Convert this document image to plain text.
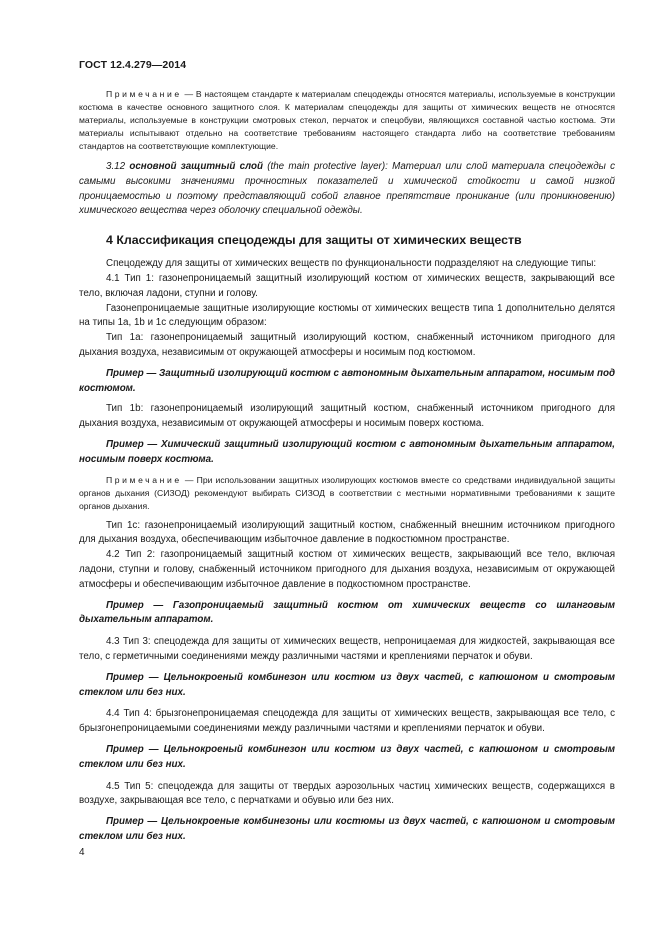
ГОСТ 12.4.279—2014

Примечание — В настоящем стандарте к материалам спецодежды относятся материалы, используемые в конструкции костюма в качестве основного защитного слоя. К материалам спецодежды для защиты от химических веществ не относятся материалы, используемые в конструкции смотровых стекол, перчаток и спецобуви, являющихся составной частью костюма. Эти материалы испытывают отдельно на соответствие требованиям настоящего стандарта либо на соответствие требованиям стандартов на соответствующие комплектующие.

3.12 основной защитный слой (the main protective layer): Материал или слой материала спецодежды с самыми высокими значениями прочностных показателей и химической стойкости и самой низкой проницаемостью и поэтому представляющий собой главное препятствие проникание (или проникновению) химического вещества через оболочку специальной одежды.

4 Классификация спецодежды для защиты от химических веществ

Спецодежду для защиты от химических веществ по функциональности подразделяют на следующие типы:

4.1 Тип 1: газонепроницаемый защитный изолирующий костюм от химических веществ, закрывающий все тело, включая ладони, ступни и голову.

Газонепроницаемые защитные изолирующие костюмы от химических веществ типа 1 дополнительно делятся на типы 1а, 1b и 1с следующим образом:

Тип 1а: газонепроницаемый защитный изолирующий костюм, снабженный источником пригодного для дыхания воздуха, независимым от окружающей атмосферы и носимым под костюмом.

Пример — Защитный изолирующий костюм с автономным дыхательным аппаратом, носимым под костюмом.

Тип 1b: газонепроницаемый изолирующий защитный костюм, снабженный источником пригодного для дыхания воздуха, независимым от окружающей атмосферы и носимым поверх костюма.

Пример — Химический защитный изолирующий костюм с автономным дыхательным аппаратом, носимым поверх костюма.

Примечание — При использовании защитных изолирующих костюмов вместе со средствами индивидуальной защиты органов дыхания (СИЗОД) рекомендуют выбирать СИЗОД в соответствии с местными нормативными требованиями к защите органов дыхания.

Тип 1с: газонепроницаемый изолирующий защитный костюм, снабженный внешним источником пригодного для дыхания воздуха, обеспечивающим избыточное давление в подкостюмном пространстве.

4.2 Тип 2: газопроницаемый защитный костюм от химических веществ, закрывающий все тело, включая ладони, ступни и голову, снабженный источником пригодного для дыхания воздуха, независимым от окружающей атмосферы и обеспечивающим избыточное давление в подкостюмном пространстве.

Пример — Газопроницаемый защитный костюм от химических веществ со шланговым дыхательным аппаратом.

4.3 Тип 3: спецодежда для защиты от химических веществ, непроницаемая для жидкостей, закрывающая все тело, с герметичными соединениями между различными частями и креплениями перчаток и обуви.

Пример — Цельнокроеный комбинезон или костюм из двух частей, с капюшоном и смотровым стеклом или без них.

4.4 Тип 4: брызгонепроницаемая спецодежда для защиты от химических веществ, закрывающая все тело, с брызгонепроницаемыми соединениями между различными частями и креплениями перчаток и обуви.

Пример — Цельнокроеный комбинезон или костюм из двух частей, с капюшоном и смотровым стеклом или без них.

4.5 Тип 5: спецодежда для защиты от твердых аэрозольных частиц химических веществ, содержащихся в воздухе, закрывающая все тело, с перчатками и обувью или без них.

Пример — Цельнокроеные комбинезоны или костюмы из двух частей, с капюшоном и смотровым стеклом или без них.

4
